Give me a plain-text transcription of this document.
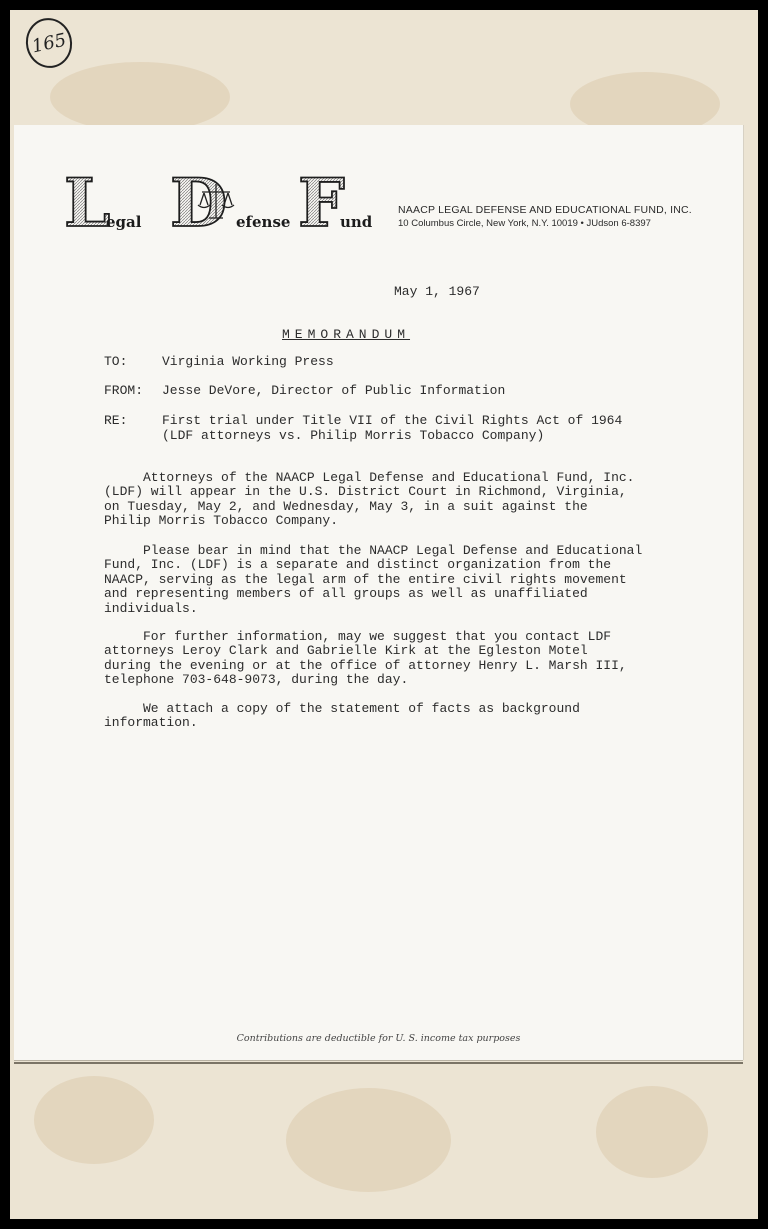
165
L
egal D efense F
und
NAACP LEGAL DEFENSE AND EDUCATIONAL FUND, INC.
10 Columbus Circle, New York, N.Y. 10019 • JUdson 6-8397
May 1, 1967
MEMORANDUM
TO:	Virginia Working Press
FROM: Jesse DeVore, Director of Public Information
RE:	First trial under Title VII of the Civil Rights Act of 1964
(LDF attorneys vs. Philip Morris Tobacco Company)
Attorneys of the NAACP Legal Defense and Educational Fund, Inc.
(LDF) will appear in the U.S. District Court in Richmond, Virginia,
on Tuesday, May 2, and Wednesday, May 3, in a suit against the
Philip Morris Tobacco Company.
Please bear in mind that the NAACP Legal Defense and Educational
Fund, Inc. (LDF) is a separate and distinct organization from the
NAACP, serving as the legal arm of the entire civil rights movement
and representing members of all groups as well as unaffiliated
individuals.
For further information, may we suggest that you contact LDF
attorneys Leroy Clark and Gabrielle Kirk at the Egleston Motel
during the evening or at the office of attorney Henry L. Marsh III,
telephone 703-648-9073, during the day.
We attach a copy of the statement of facts as background
information.
Contributions are deductible for U. S. income tax purposes
